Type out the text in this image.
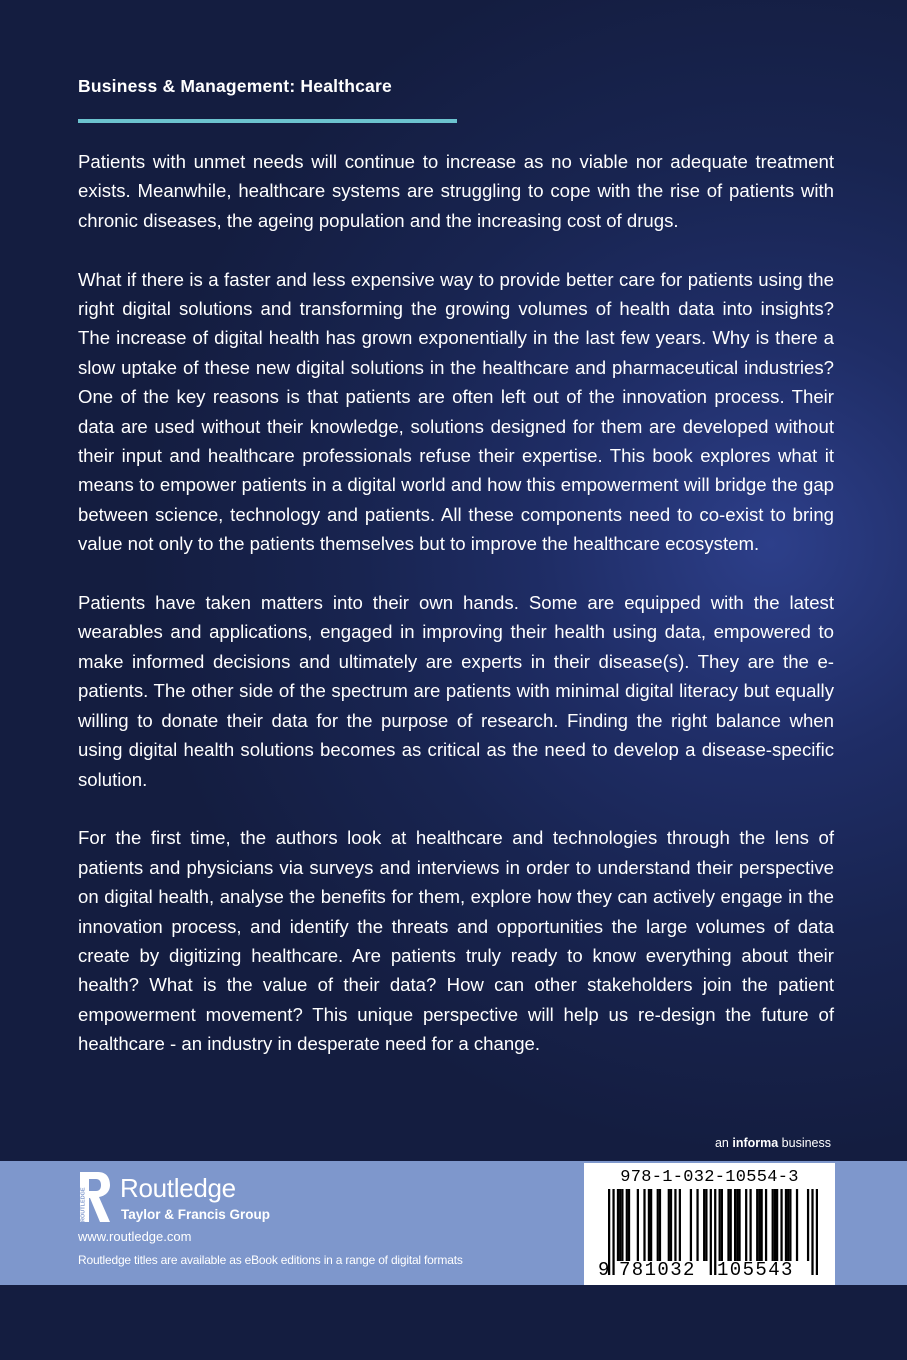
Business & Management: Healthcare

Patients with unmet needs will continue to increase as no viable nor adequate treatment exists. Meanwhile, healthcare systems are struggling to cope with the rise of patients with chronic diseases, the ageing population and the increasing cost of drugs.

What if there is a faster and less expensive way to provide better care for patients using the right digital solutions and transforming the growing volumes of health data into insights? The increase of digital health has grown exponentially in the last few years. Why is there a slow uptake of these new digital solutions in the healthcare and pharmaceutical industries? One of the key reasons is that patients are often left out of the innovation process. Their data are used without their knowledge, solutions designed for them are developed without their input and healthcare professionals refuse their expertise. This book explores what it means to empower patients in a digital world and how this empowerment will bridge the gap between science, technology and patients. All these components need to co-exist to bring value not only to the patients themselves but to improve the healthcare ecosystem.

Patients have taken matters into their own hands. Some are equipped with the latest wearables and applications, engaged in improving their health using data, empowered to make informed decisions and ultimately are experts in their disease(s). They are the e-patients. The other side of the spectrum are patients with minimal digital literacy but equally willing to donate their data for the purpose of research. Finding the right balance when using digital health solutions becomes as critical as the need to develop a disease-specific solution.

For the first time, the authors look at healthcare and technologies through the lens of patients and physicians via surveys and interviews in order to understand their perspective on digital health, analyse the benefits for them, explore how they can actively engage in the innovation process, and identify the threats and opportunities the large volumes of data create by digitizing healthcare. Are patients truly ready to know everything about their health? What is the value of their data? How can other stakeholders join the patient empowerment movement? This unique perspective will help us re-design the future of healthcare - an industry in desperate need for a change.

an informa business
ROUTLEDGE Routledge
Taylor & Francis Group
www.routledge.com
Routledge titles are available as eBook editions in a range of digital formats
978-1-032-10554-3
9 781032 105543
